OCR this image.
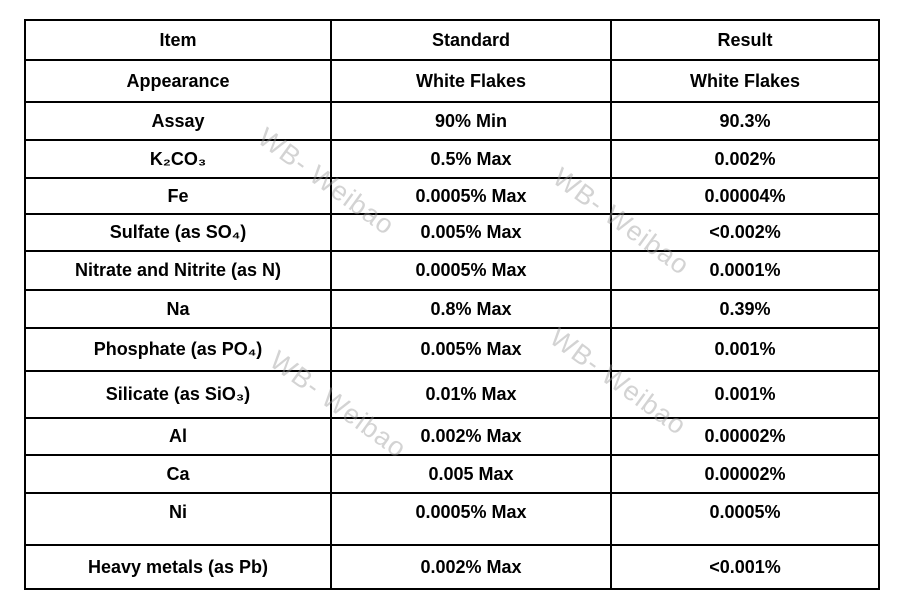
Item	Standard	Result
Appearance	White Flakes	White Flakes
Assay	90% Min	90.3%
K₂CO₃	0.5% Max	0.002%
Fe	0.0005% Max	0.00004%
Sulfate (as SO₄)	0.005% Max	<0.002%
Nitrate and Nitrite (as N)	0.0005% Max	0.0001%
Na	0.8% Max	0.39%
Phosphate (as PO₄)	0.005% Max	0.001%
Silicate (as SiO₃)	0.01% Max	0.001%
Al	0.002% Max	0.00002%
Ca	0.005 Max	0.00002%
Ni	0.0005% Max	0.0005%
Heavy metals (as Pb)	0.002% Max	<0.001%
WB- Weibao	WB- Weibao
WB- Weibao	WB- Weibao
